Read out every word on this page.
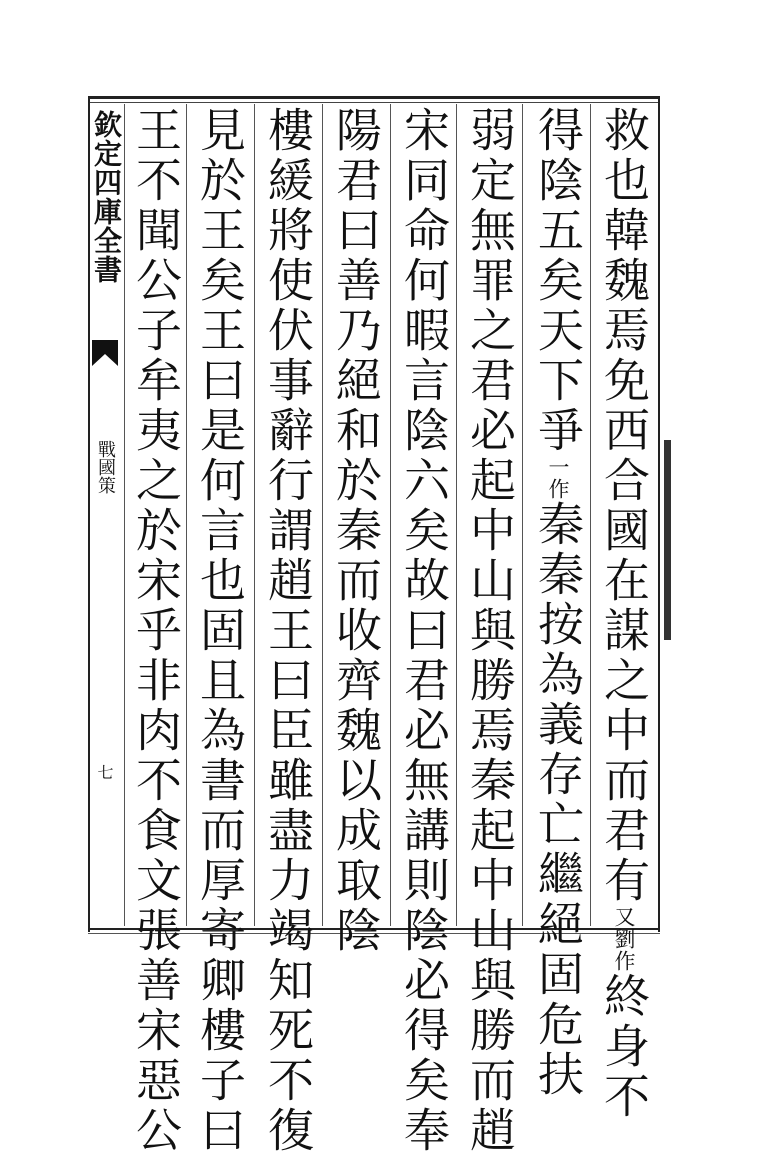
欽定四庫全書
戰國策
七	救也韓魏焉免西合國在謀之中而君有又劉作終身不
得陰五矣天下爭一作秦秦按為義存亡繼絕固危扶
弱定無罪之君必起中山與勝焉秦起中山與勝而趙
宋同命何暇言陰六矣故曰君必無講則陰必得矣奉
陽君曰善乃絕和於秦而收齊魏以成取陰
樓緩將使伏事辭行謂趙王曰臣雖盡力竭知死不復
見於王矣王曰是何言也固且為書而厚寄卿樓子曰
王不聞公子牟夷之於宋乎非肉不食文張善宋惡公
